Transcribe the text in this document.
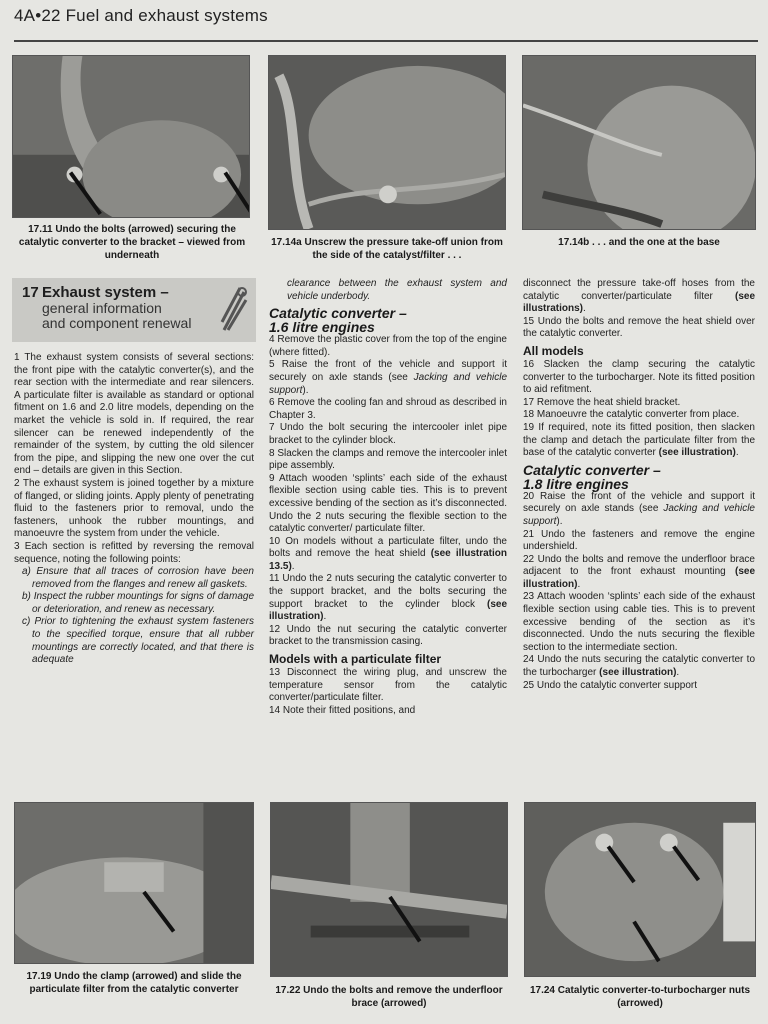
4A•22 Fuel and exhaust systems
17.11 Undo the bolts (arrowed) securing the catalytic converter to the bracket – viewed from underneath
17.14a Unscrew the pressure take-off union from the side of the catalyst/filter . . .
17.14b . . . and the one at the base
17 Exhaust system –
general information
and component renewal

1 The exhaust system consists of several sections: the front pipe with the catalytic converter(s), and the rear section with the intermediate and rear silencers. A particulate filter is available as standard or optional fitment on 1.6 and 2.0 litre models, depending on the market the vehicle is sold in. If required, the rear silencer can be renewed independently of the remainder of the system, by cutting the old silencer from the pipe, and slipping the new one over the cut end – details are given in this Section.

2 The exhaust system is joined together by a mixture of flanged, or sliding joints. Apply plenty of penetrating fluid to the fasteners prior to removal, undo the fasteners, unhook the rubber mountings, and manoeuvre the system from under the vehicle.

3 Each section is refitted by reversing the removal sequence, noting the following points:

a) Ensure that all traces of corrosion have been removed from the flanges and renew all gaskets.

b) Inspect the rubber mountings for signs of damage or deterioration, and renew as necessary.

c) Prior to tightening the exhaust system fasteners to the specified torque, ensure that all rubber mountings are correctly located, and that there is adequate

clearance between the exhaust system and vehicle underbody.

Catalytic converter –
1.6 litre engines

4 Remove the plastic cover from the top of the engine (where fitted).

5 Raise the front of the vehicle and support it securely on axle stands (see Jacking and vehicle support).

6 Remove the cooling fan and shroud as described in Chapter 3.

7 Undo the bolt securing the intercooler inlet pipe bracket to the cylinder block.

8 Slacken the clamps and remove the intercooler inlet pipe assembly.

9 Attach wooden ‘splints’ each side of the exhaust flexible section using cable ties. This is to prevent excessive bending of the section as it’s disconnected. Undo the 2 nuts securing the flexible section to the catalytic converter/ particulate filter.

10 On models without a particulate filter, undo the bolts and remove the heat shield (see illustration 13.5).

11 Undo the 2 nuts securing the catalytic converter to the support bracket, and the bolts securing the support bracket to the cylinder block (see illustration).

12 Undo the nut securing the catalytic converter bracket to the transmission casing.

Models with a particulate filter

13 Disconnect the wiring plug, and unscrew the temperature sensor from the catalytic converter/particulate filter.

14 Note their fitted positions, and

disconnect the pressure take-off hoses from the catalytic converter/particulate filter (see illustrations).

15 Undo the bolts and remove the heat shield over the catalytic converter.

All models

16 Slacken the clamp securing the catalytic converter to the turbocharger. Note its fitted position to aid refitment.

17 Remove the heat shield bracket.

18 Manoeuvre the catalytic converter from place.

19 If required, note its fitted position, then slacken the clamp and detach the particulate filter from the base of the catalytic converter (see illustration).

Catalytic converter –
1.8 litre engines

20 Raise the front of the vehicle and support it securely on axle stands (see Jacking and vehicle support).

21 Undo the fasteners and remove the engine undershield.

22 Undo the bolts and remove the underfloor brace adjacent to the front exhaust mounting (see illustration).

23 Attach wooden ‘splints’ each side of the exhaust flexible section using cable ties. This is to prevent excessive bending of the section as it’s disconnected. Undo the nuts securing the flexible section to the intermediate section.

24 Undo the nuts securing the catalytic converter to the turbocharger (see illustration).

25 Undo the catalytic converter support

17.19 Undo the clamp (arrowed) and slide the particulate filter from the catalytic converter	17.22 Undo the bolts and remove the underfloor brace (arrowed)
17.24 Catalytic converter-to-turbocharger nuts (arrowed)
